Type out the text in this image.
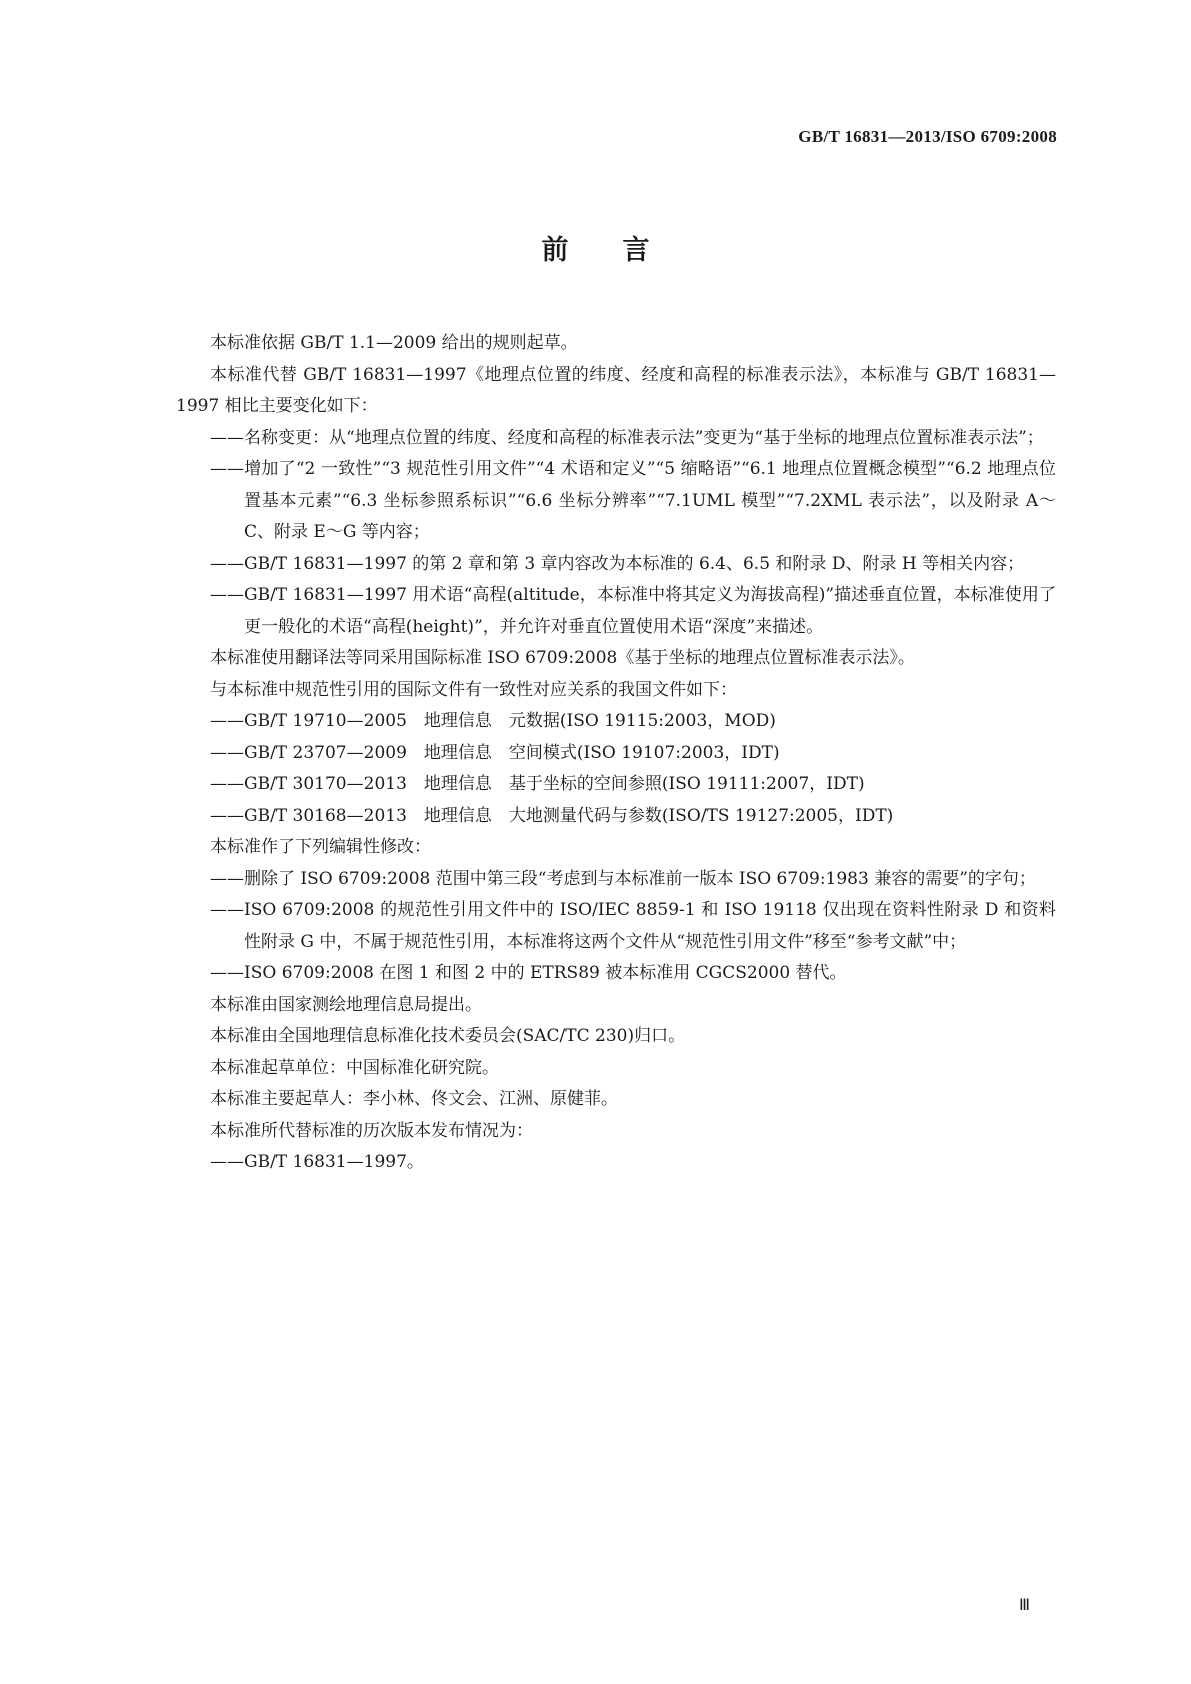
GB/T 16831—2013/ISO 6709:2008
前　　言

本标准依据 GB/T 1.1—2009 给出的规则起草。

本标准代替 GB/T 16831—1997《地理点位置的纬度、经度和高程的标准表示法》，本标准与 GB/T 16831—1997 相比主要变化如下：

——名称变更：从“地理点位置的纬度、经度和高程的标准表示法”变更为“基于坐标的地理点位置标准表示法”；

——增加了“2 一致性”“3 规范性引用文件”“4 术语和定义”“5 缩略语”“6.1 地理点位置概念模型”“6.2 地理点位置基本元素”“6.3 坐标参照系标识”“6.6 坐标分辨率”“7.1UML 模型”“7.2XML 表示法”，以及附录 A～C、附录 E～G 等内容；

——GB/T 16831—1997 的第 2 章和第 3 章内容改为本标准的 6.4、6.5 和附录 D、附录 H 等相关内容；

——GB/T 16831—1997 用术语“高程(altitude，本标准中将其定义为海拔高程)”描述垂直位置，本标准使用了更一般化的术语“高程(height)”，并允许对垂直位置使用术语“深度”来描述。

本标准使用翻译法等同采用国际标准 ISO 6709:2008《基于坐标的地理点位置标准表示法》。

与本标准中规范性引用的国际文件有一致性对应关系的我国文件如下：

——GB/T 19710—2005　地理信息　元数据(ISO 19115:2003，MOD)

——GB/T 23707—2009　地理信息　空间模式(ISO 19107:2003，IDT)

——GB/T 30170—2013　地理信息　基于坐标的空间参照(ISO 19111:2007，IDT)

——GB/T 30168—2013　地理信息　大地测量代码与参数(ISO/TS 19127:2005，IDT)

本标准作了下列编辑性修改：

——删除了 ISO 6709:2008 范围中第三段“考虑到与本标准前一版本 ISO 6709:1983 兼容的需要”的字句；

——ISO 6709:2008 的规范性引用文件中的 ISO/IEC 8859-1 和 ISO 19118 仅出现在资料性附录 D 和资料性附录 G 中，不属于规范性引用，本标准将这两个文件从“规范性引用文件”移至“参考文献”中；

——ISO 6709:2008 在图 1 和图 2 中的 ETRS89 被本标准用 CGCS2000 替代。

本标准由国家测绘地理信息局提出。

本标准由全国地理信息标准化技术委员会(SAC/TC 230)归口。

本标准起草单位：中国标准化研究院。

本标准主要起草人：李小林、佟文会、江洲、原健菲。

本标准所代替标准的历次版本发布情况为：

——GB/T 16831—1997。

Ⅲ
